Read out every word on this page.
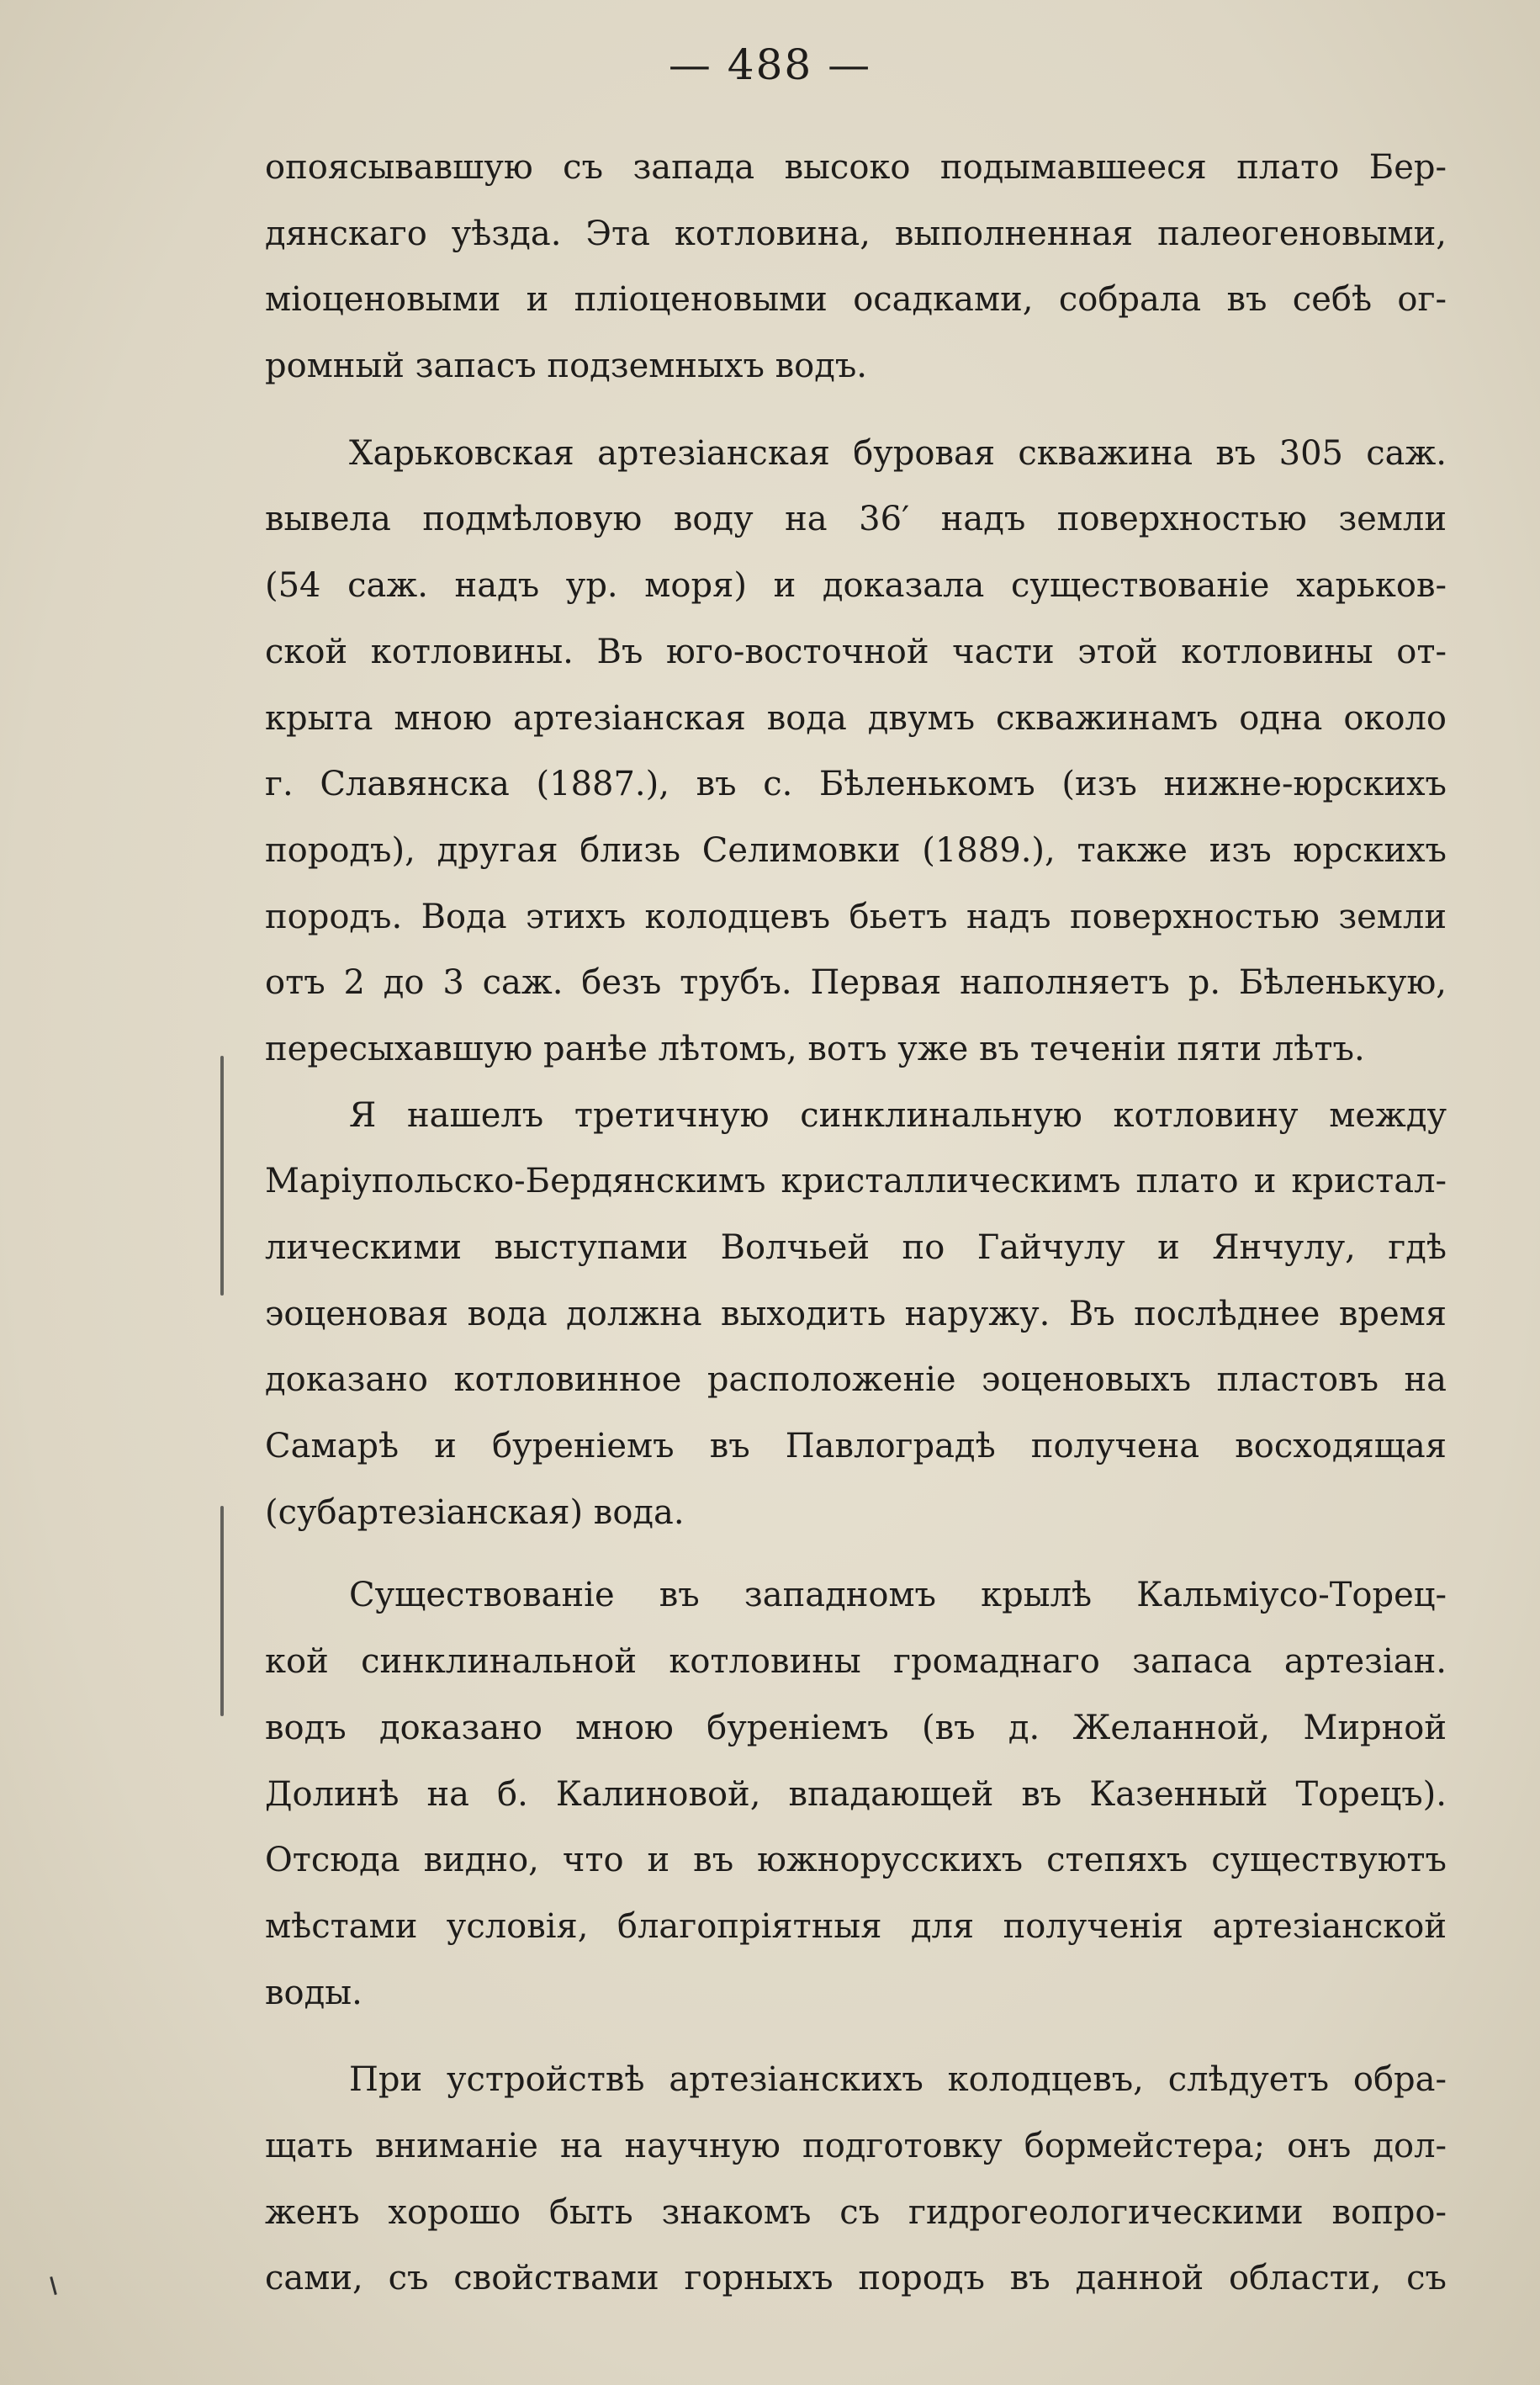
— 488 —
опоясывавшую съ запада высоко подымавшееся плато Бер-
дянскаго уѣзда. Эта котловина, выполненная палеогеновыми,
міоценовыми и пліоценовыми осадками, собрала въ себѣ ог-
ромный запасъ подземныхъ водъ.
Харьковская артезіанская буровая скважина въ 305 саж.
вывела подмѣловую воду на 36′ надъ поверхностью земли
(54 саж. надъ ур. моря) и доказала существованіе харьков-
ской котловины. Въ юго-восточной части этой котловины от-
крыта мною артезіанская вода двумъ скважинамъ одна около
г. Славянска (1887.), въ с. Бѣленькомъ (изъ нижне-юрскихъ
породъ), другая близь Селимовки (1889.), также изъ юрскихъ
породъ. Вода этихъ колодцевъ бьетъ надъ поверхностью земли
отъ 2 до 3 саж. безъ трубъ. Первая наполняетъ р. Бѣленькую,
пересыхавшую ранѣе лѣтомъ, вотъ уже въ теченіи пяти лѣтъ.
Я нашелъ третичную синклинальную котловину между
Маріупольско-Бердянскимъ кристаллическимъ плато и кристал-
лическими выступами Волчьей по Гайчулу и Янчулу, гдѣ
эоценовая вода должна выходить наружу. Въ послѣднее время
доказано котловинное расположеніе эоценовыхъ пластовъ на
Самарѣ и буреніемъ въ Павлоградѣ получена восходящая
(субартезіанская) вода.
Существованіе въ западномъ крылѣ Кальміусо-Торец-
кой синклинальной котловины громаднаго запаса артезіан.
водъ доказано мною буреніемъ (въ д. Желанной, Мирной
Долинѣ на б. Калиновой, впадающей въ Казенный Торецъ).
Отсюда видно, что и въ южнорусскихъ степяхъ существуютъ
мѣстами условія, благопріятныя для полученія артезіанской
воды.
При устройствѣ артезіанскихъ колодцевъ, слѣдуетъ обра-
щать вниманіе на научную подготовку бормейстера; онъ дол-
женъ хорошо быть знакомъ съ гидрогеологическими вопро-
сами, съ свойствами горныхъ породъ въ данной области, съ
